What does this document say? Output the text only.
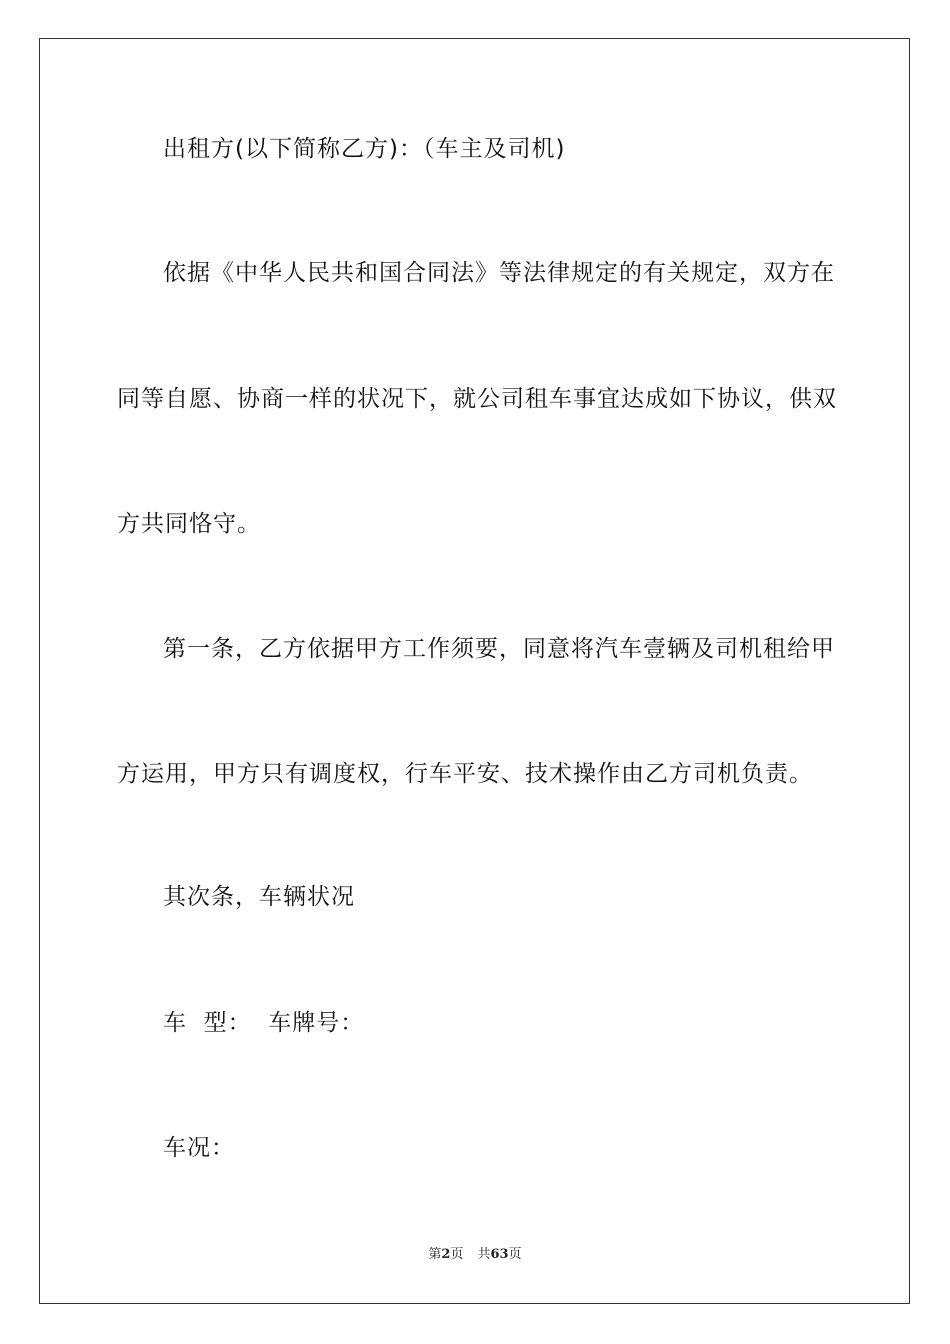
出租方(以下简称乙方)：（车主及司机)
依据《中华人民共和国合同法》等法律规定的有关规定，双方在
同等自愿、协商一样的状况下，就公司租车事宜达成如下协议，供双
方共同恪守。
第一条，乙方依据甲方工作须要，同意将汽车壹辆及司机租给甲
方运用，甲方只有调度权，行车平安、技术操作由乙方司机负责。
其次条，车辆状况
车  型：  车牌号：
车况：
第2页 共63页
